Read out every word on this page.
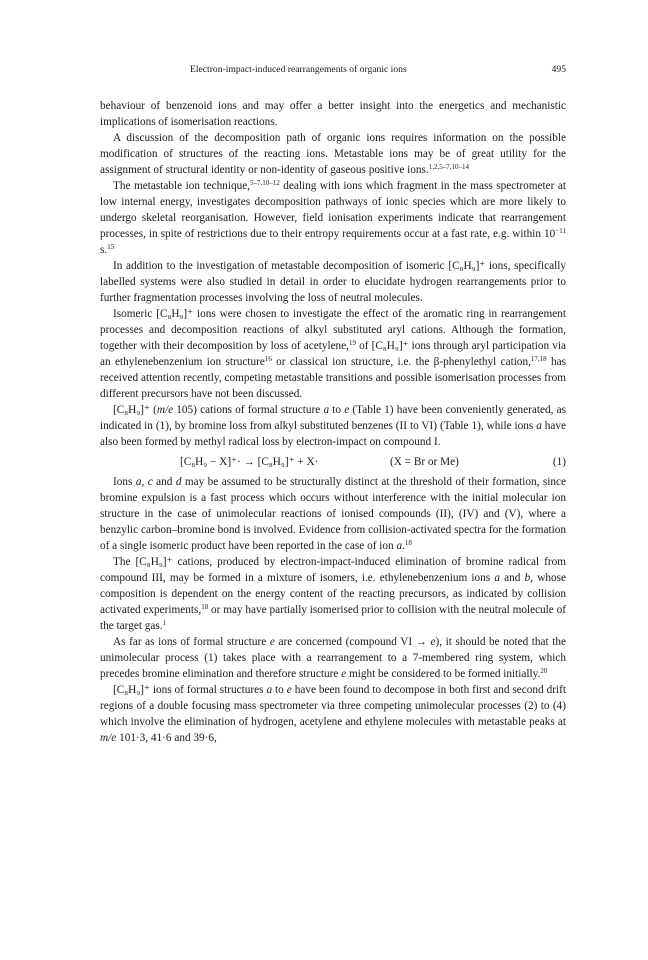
Electron-impact-induced rearrangements of organic ions	495

behaviour of benzenoid ions and may offer a better insight into the energetics and mechanistic implications of isomerisation reactions.

A discussion of the decomposition path of organic ions requires information on the possible modification of structures of the reacting ions. Metastable ions may be of great utility for the assignment of structural identity or non-identity of gaseous positive ions.$^{1,2,5-7,10-14}$

The metastable ion technique,$^{5-7,10-12}$ dealing with ions which fragment in the mass spectrometer at low internal energy, investigates decomposition pathways of ionic species which are more likely to undergo skeletal reorganisation. However, field ionisation experiments indicate that rearrangement processes, in spite of restrictions due to their entropy requirements occur at a fast rate, e.g. within $10^{-11}$ s.$^{15}$

In addition to the investigation of metastable decomposition of isomeric [C₈H₉]⁺ ions, specifically labelled systems were also studied in detail in order to elucidate hydrogen rearrangements prior to further fragmentation processes involving the loss of neutral molecules.

Isomeric [C₈H₉]⁺ ions were chosen to investigate the effect of the aromatic ring in rearrangement processes and decomposition reactions of alkyl substituted aryl cations. Although the formation, together with their decomposition by loss of acetylene,$^{19}$ of [C₈H₉]⁺ ions through aryl participation via an ethylenebenzenium ion structure$^{16}$ or classical ion structure, i.e. the β-phenylethyl cation,$^{17,18}$ has received attention recently, competing metastable transitions and possible isomerisation processes from different precursors have not been discussed.

[C₈H₉]⁺ (m/e 105) cations of formal structure a to e (Table 1) have been conveniently generated, as indicated in (1), by bromine loss from alkyl substituted benzenes (II to VI) (Table 1), while ions a have also been formed by methyl radical loss by electron-impact on compound I.

[C₈H₉ − X]⁺· → [C₈H₉]⁺ + X·	(X = Br or Me)	(1)

Ions a, c and d may be assumed to be structurally distinct at the threshold of their formation, since bromine expulsion is a fast process which occurs without interference with the initial molecular ion structure in the case of unimolecular reactions of ionised compounds (II), (IV) and (V), where a benzylic carbon–bromine bond is involved. Evidence from collision-activated spectra for the formation of a single isomeric product have been reported in the case of ion a.$^{18}$

The [C₈H₉]⁺ cations, produced by electron-impact-induced elimination of bromine radical from compound III, may be formed in a mixture of isomers, i.e. ethylenebenzenium ions a and b, whose composition is dependent on the energy content of the reacting precursors, as indicated by collision activated experiments,$^{18}$ or may have partially isomerised prior to collision with the neutral molecule of the target gas.$^1$

As far as ions of formal structure e are concerned (compound VI → e), it should be noted that the unimolecular process (1) takes place with a rearrangement to a 7-membered ring system, which precedes bromine elimination and therefore structure e might be considered to be formed initially.$^{20}$

[C₈H₉]⁺ ions of formal structures a to e have been found to decompose in both first and second drift regions of a double focusing mass spectrometer via three competing unimolecular processes (2) to (4) which involve the elimination of hydrogen, acetylene and ethylene molecules with metastable peaks at m/e 101·3, 41·6 and 39·6,
